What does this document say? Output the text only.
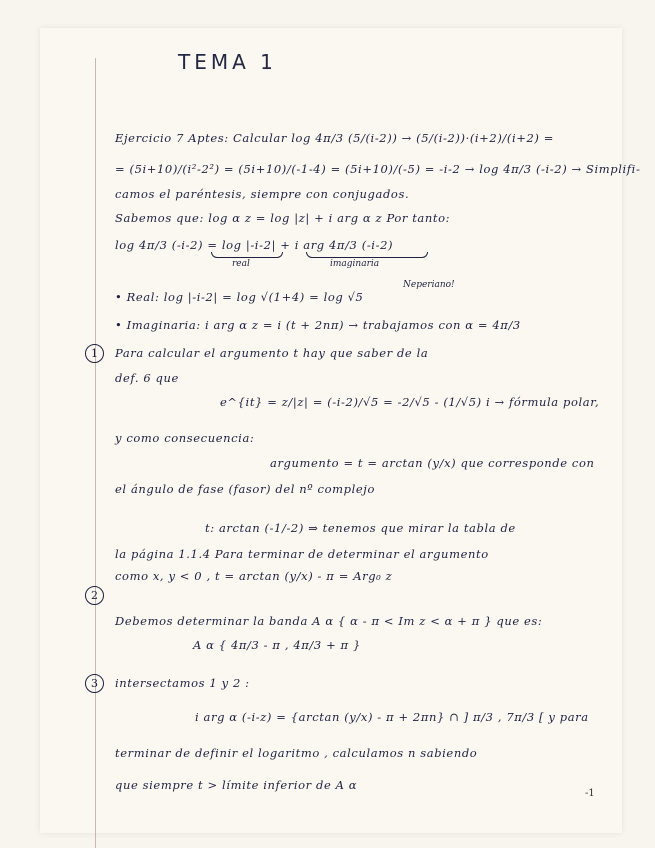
TEMA 1
Ejercicio 7 Aptes: Calcular log 4π/3 (5/(i-2)) → (5/(i-2))·(i+2)/(i+2) =
= (5i+10)/(i²-2²) = (5i+10)/(-1-4) = (5i+10)/(-5) = -i-2 → log 4π/3 (-i-2) → Simplifi-
camos el paréntesis, siempre con conjugados.
Sabemos que: log α z = log |z| + i arg α z Por tanto:
log 4π/3 (-i-2) = log |-i-2| + i arg 4π/3 (-i-2)
real	imaginaria
• Real: log |-i-2| = log √(1+4) = log √5
Neperiano!
• Imaginaria: i arg α z = i (t + 2nπ) → trabajamos con α = 4π/3
1	Para calcular el argumento t hay que saber de la
def. 6 que
e^{it} = z/|z| = (-i-2)/√5 = -2/√5 - (1/√5) i → fórmula polar,
y como consecuencia:
argumento = t = arctan (y/x) que corresponde con
el ángulo de fase (fasor) del nº complejo
t: arctan (-1/-2) ⇒ tenemos que mirar la tabla de
la página 1.1.4 Para terminar de determinar el argumento
como x, y < 0 , t = arctan (y/x) - π = Arg₀ z
2
Debemos determinar la banda A α { α - π < Im z < α + π } que es:
A α { 4π/3 - π , 4π/3 + π }
3	intersectamos 1 y 2 :
i arg α (-i-z) = {arctan (y/x) - π + 2πn} ∩ ] π/3 , 7π/3 [ y para
terminar de definir el logaritmo , calculamos n sabiendo
que siempre t > límite inferior de A α
-1
